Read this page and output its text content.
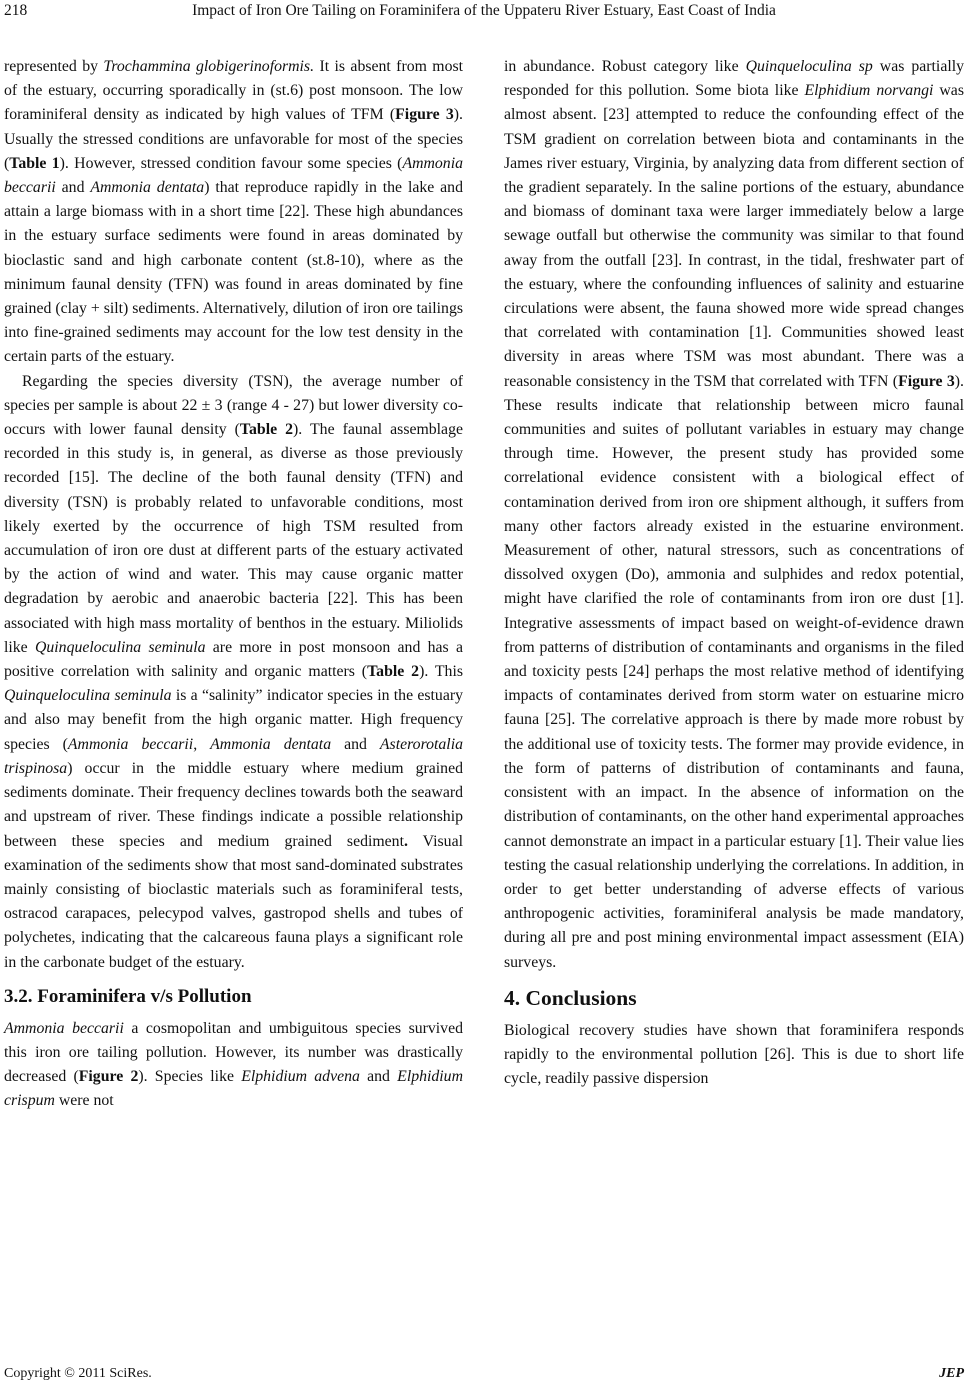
218	Impact of Iron Ore Tailing on Foraminifera of the Uppateru River Estuary, East Coast of India

represented by Trochammina globigerinoformis. It is absent from most of the estuary, occurring sporadically in (st.6) post monsoon. The low foraminiferal density as indicated by high values of TFM (Figure 3). Usually the stressed conditions are unfavorable for most of the species (Table 1). However, stressed condition favour some species (Ammonia beccarii and Ammonia dentata) that reproduce rapidly in the lake and attain a large biomass with in a short time [22]. These high abundances in the estuary surface sediments were found in areas dominated by bioclastic sand and high carbonate content (st.8-10), where as the minimum faunal density (TFN) was found in areas dominated by fine grained (clay + silt) sediments. Alternatively, dilution of iron ore tailings into fine-grained sediments may account for the low test density in the certain parts of the estuary.

Regarding the species diversity (TSN), the average number of species per sample is about 22 ± 3 (range 4 - 27) but lower diversity co-occurs with lower faunal density (Table 2). The faunal assemblage recorded in this study is, in general, as diverse as those previously recorded [15]. The decline of the both faunal density (TFN) and diversity (TSN) is probably related to unfavorable conditions, most likely exerted by the occurrence of high TSM resulted from accumulation of iron ore dust at different parts of the estuary activated by the action of wind and water. This may cause organic matter degradation by aerobic and anaerobic bacteria [22]. This has been associated with high mass mortality of benthos in the estuary. Miliolids like Quinqueloculina seminula are more in post monsoon and has a positive correlation with salinity and organic matters (Table 2). This Quinqueloculina seminula is a “salinity” indicator species in the estuary and also may benefit from the high organic matter. High frequency species (Ammonia beccarii, Ammonia dentata and Asterorotalia trispinosa) occur in the middle estuary where medium grained sediments dominate. Their frequency declines towards both the seaward and upstream of river. These findings indicate a possible relationship between these species and medium grained sediment. Visual examination of the sediments show that most sand-dominated substrates mainly consisting of bioclastic materials such as foraminiferal tests, ostracod carapaces, pelecypod valves, gastropod shells and tubes of polychetes, indicating that the calcareous fauna plays a significant role in the carbonate budget of the estuary.

3.2. Foraminifera v/s Pollution

Ammonia beccarii a cosmopolitan and umbiguitous species survived this iron ore tailing pollution. However, its number was drastically decreased (Figure 2). Species like Elphidium advena and Elphidium crispum were not

in abundance. Robust category like Quinqueloculina sp was partially responded for this pollution. Some biota like Elphidium norvangi was almost absent. [23] attempted to reduce the confounding effect of the TSM gradient on correlation between biota and contaminants in the James river estuary, Virginia, by analyzing data from different section of the gradient separately. In the saline portions of the estuary, abundance and biomass of dominant taxa were larger immediately below a large sewage outfall but otherwise the community was similar to that found away from the outfall [23]. In contrast, in the tidal, freshwater part of the estuary, where the confounding influences of salinity and estuarine circulations were absent, the fauna showed more wide spread changes that correlated with contamination [1]. Communities showed least diversity in areas where TSM was most abundant. There was a reasonable consistency in the TSM that correlated with TFN (Figure 3). These results indicate that relationship between micro faunal communities and suites of pollutant variables in estuary may change through time. However, the present study has provided some correlational evidence consistent with a biological effect of contamination derived from iron ore shipment although, it suffers from many other factors already existed in the estuarine environment. Measurement of other, natural stressors, such as concentrations of dissolved oxygen (Do), ammonia and sulphides and redox potential, might have clarified the role of contaminants from iron ore dust [1]. Integrative assessments of impact based on weight-of-evidence drawn from patterns of distribution of contaminants and organisms in the filed and toxicity pests [24] perhaps the most relative method of identifying impacts of contaminates derived from storm water on estuarine micro fauna [25]. The correlative approach is there by made more robust by the additional use of toxicity tests. The former may provide evidence, in the form of patterns of distribution of contaminants and fauna, consistent with an impact. In the absence of information on the distribution of contaminants, on the other hand experimental approaches cannot demonstrate an impact in a particular estuary [1]. Their value lies testing the casual relationship underlying the correlations. In addition, in order to get better understanding of adverse effects of various anthropogenic activities, foraminiferal analysis be made mandatory, during all pre and post mining environmental impact assessment (EIA) surveys.

4. Conclusions

Biological recovery studies have shown that foraminifera responds rapidly to the environmental pollution [26]. This is due to short life cycle, readily passive dispersion

Copyright © 2011 SciRes.	JEP
